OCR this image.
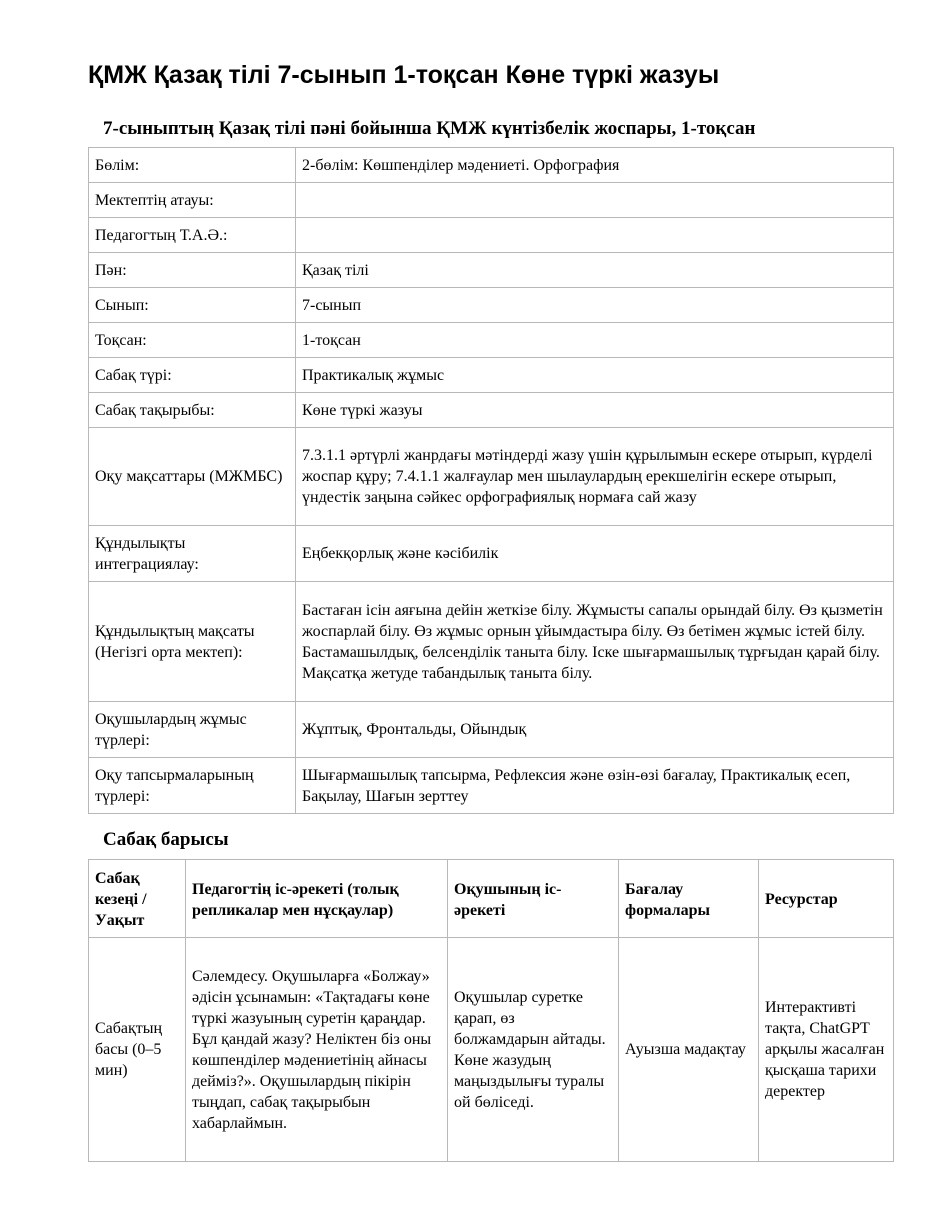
ҚМЖ Қазақ тілі 7-сынып 1-тоқсан Көне түркі жазуы
7-сыныптың Қазақ тілі пәні бойынша ҚМЖ күнтізбелік жоспары, 1-тоқсан
Бөлім:	2-бөлім: Көшпенділер мәдениеті. Орфография
Мектептің атауы:	
Педагогтың Т.А.Ә.:	
Пән:	Қазақ тілі
Сынып:	7-сынып
Тоқсан:	1-тоқсан
Сабақ түрі:	Практикалық жұмыс
Сабақ тақырыбы:	Көне түркі жазуы
Оқу мақсаттары (МЖМБС)	7.3.1.1 әртүрлі жанрдағы мәтіндерді жазу үшін құрылымын ескере отырып, күрделі жоспар құру; 7.4.1.1 жалғаулар мен шылаулардың ерекшелігін ескере отырып, үндестік заңына сәйкес орфографиялық нормаға сай жазу
Құндылықты интеграциялау:	Еңбекқорлық және кәсібилік
Құндылықтың мақсаты (Негізгі орта мектеп):	Бастаған ісін аяғына дейін жеткізе білу. Жұмысты сапалы орындай білу. Өз қызметін жоспарлай білу. Өз жұмыс орнын ұйымдастыра білу. Өз бетімен жұмыс істей білу. Бастамашылдық, белсенділік таныта білу. Іске шығармашылық тұрғыдан қарай білу. Мақсатқа жетуде табандылық таныта білу.
Оқушылардың жұмыс түрлері:	Жұптық, Фронтальды, Ойындық
Оқу тапсырмаларының түрлері:	Шығармашылық тапсырма, Рефлексия және өзін-өзі бағалау, Практикалық есеп, Бақылау, Шағын зерттеу
Сабақ барысы
Сабақ кезеңі / Уақыт	Педагогтің іс-әрекеті (толық репликалар мен нұсқаулар)	Оқушының іс-әрекеті	Бағалау формалары	Ресурстар
Сабақтың басы (0–5 мин)	Сәлемдесу. Оқушыларға «Болжау» әдісін ұсынамын: «Тақтадағы көне түркі жазуының суретін қараңдар. Бұл қандай жазу? Неліктен біз оны көшпенділер мәдениетінің айнасы дейміз?». Оқушылардың пікірін тыңдап, сабақ тақырыбын хабарлаймын.	Оқушылар суретке қарап, өз болжамдарын айтады. Көне жазудың маңыздылығы туралы ой бөліседі.	Ауызша мадақтау	Интерактивті тақта, ChatGPT арқылы жасалған қысқаша тарихи деректер
